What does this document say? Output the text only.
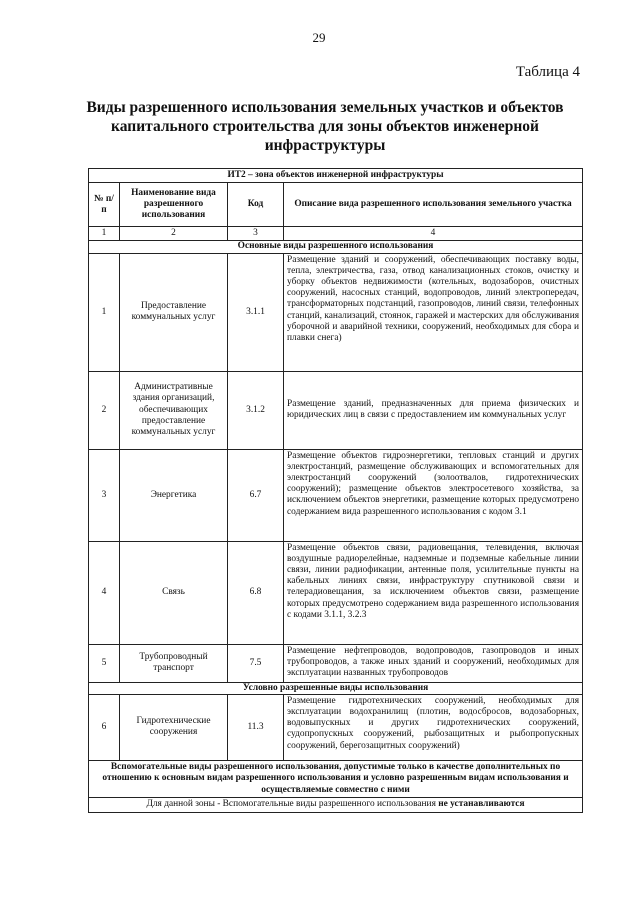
29
Таблица 4
Виды разрешенного использования земельных участков и объектов капитального строительства для зоны объектов инженерной инфраструктуры
ИТ2 – зона объектов инженерной инфраструктуры			
№ п/п	Наименование вида разрешенного использования	Код	Описание вида разрешенного использования земельного участка
1	2	3	4
Основные виды разрешенного использования			
1	Предоставление коммунальных услуг	3.1.1	Размещение зданий и сооружений, обеспечивающих поставку воды, тепла, электричества, газа, отвод канализационных стоков, очистку и уборку объектов недвижимости (котельных, водозаборов, очистных сооружений, насосных станций, водопроводов, линий электропередач, трансформаторных подстанций, газопроводов, линий связи, телефонных станций, канализаций, стоянок, гаражей и мастерских для обслуживания уборочной и аварийной техники, сооружений, необходимых для сбора и плавки снега)
2	Административные здания организаций, обеспечивающих предоставление коммунальных услуг	3.1.2	Размещение зданий, предназначенных для приема физических и юридических лиц в связи с предоставлением им коммунальных услуг
3	Энергетика	6.7	Размещение объектов гидроэнергетики, тепловых станций и других электростанций, размещение обслуживающих и вспомогательных для электростанций сооружений (золоотвалов, гидротехнических сооружений); размещение объектов электросетевого хозяйства, за исключением объектов энергетики, размещение которых предусмотрено содержанием вида разрешенного использования с кодом 3.1
4	Связь	6.8	Размещение объектов связи, радиовещания, телевидения, включая воздушные радиорелейные, надземные и подземные кабельные линии связи, линии радиофикации, антенные поля, усилительные пункты на кабельных линиях связи, инфраструктуру спутниковой связи и телерадиовещания, за исключением объектов связи, размещение которых предусмотрено содержанием вида разрешенного использования с кодами 3.1.1, 3.2.3
5	Трубопроводный транспорт	7.5	Размещение нефтепроводов, водопроводов, газопроводов и иных трубопроводов, а также иных зданий и сооружений, необходимых для эксплуатации названных трубопроводов
Условно разрешенные виды использования			
6	Гидротехнические сооружения	11.3	Размещение гидротехнических сооружений, необходимых для эксплуатации водохранилищ (плотин, водосбросов, водозаборных, водовыпускных и других гидротехнических сооружений, судопропускных сооружений, рыбозащитных и рыбопропускных сооружений, берегозащитных сооружений)
Вспомогательные виды разрешенного использования, допустимые только в качестве дополнительных по отношению к основным видам разрешенного использования и условно разрешенным видам использования и осуществляемые совместно с ними			
Для данной зоны - Вспомогательные виды разрешенного использования не устанавливаются			
